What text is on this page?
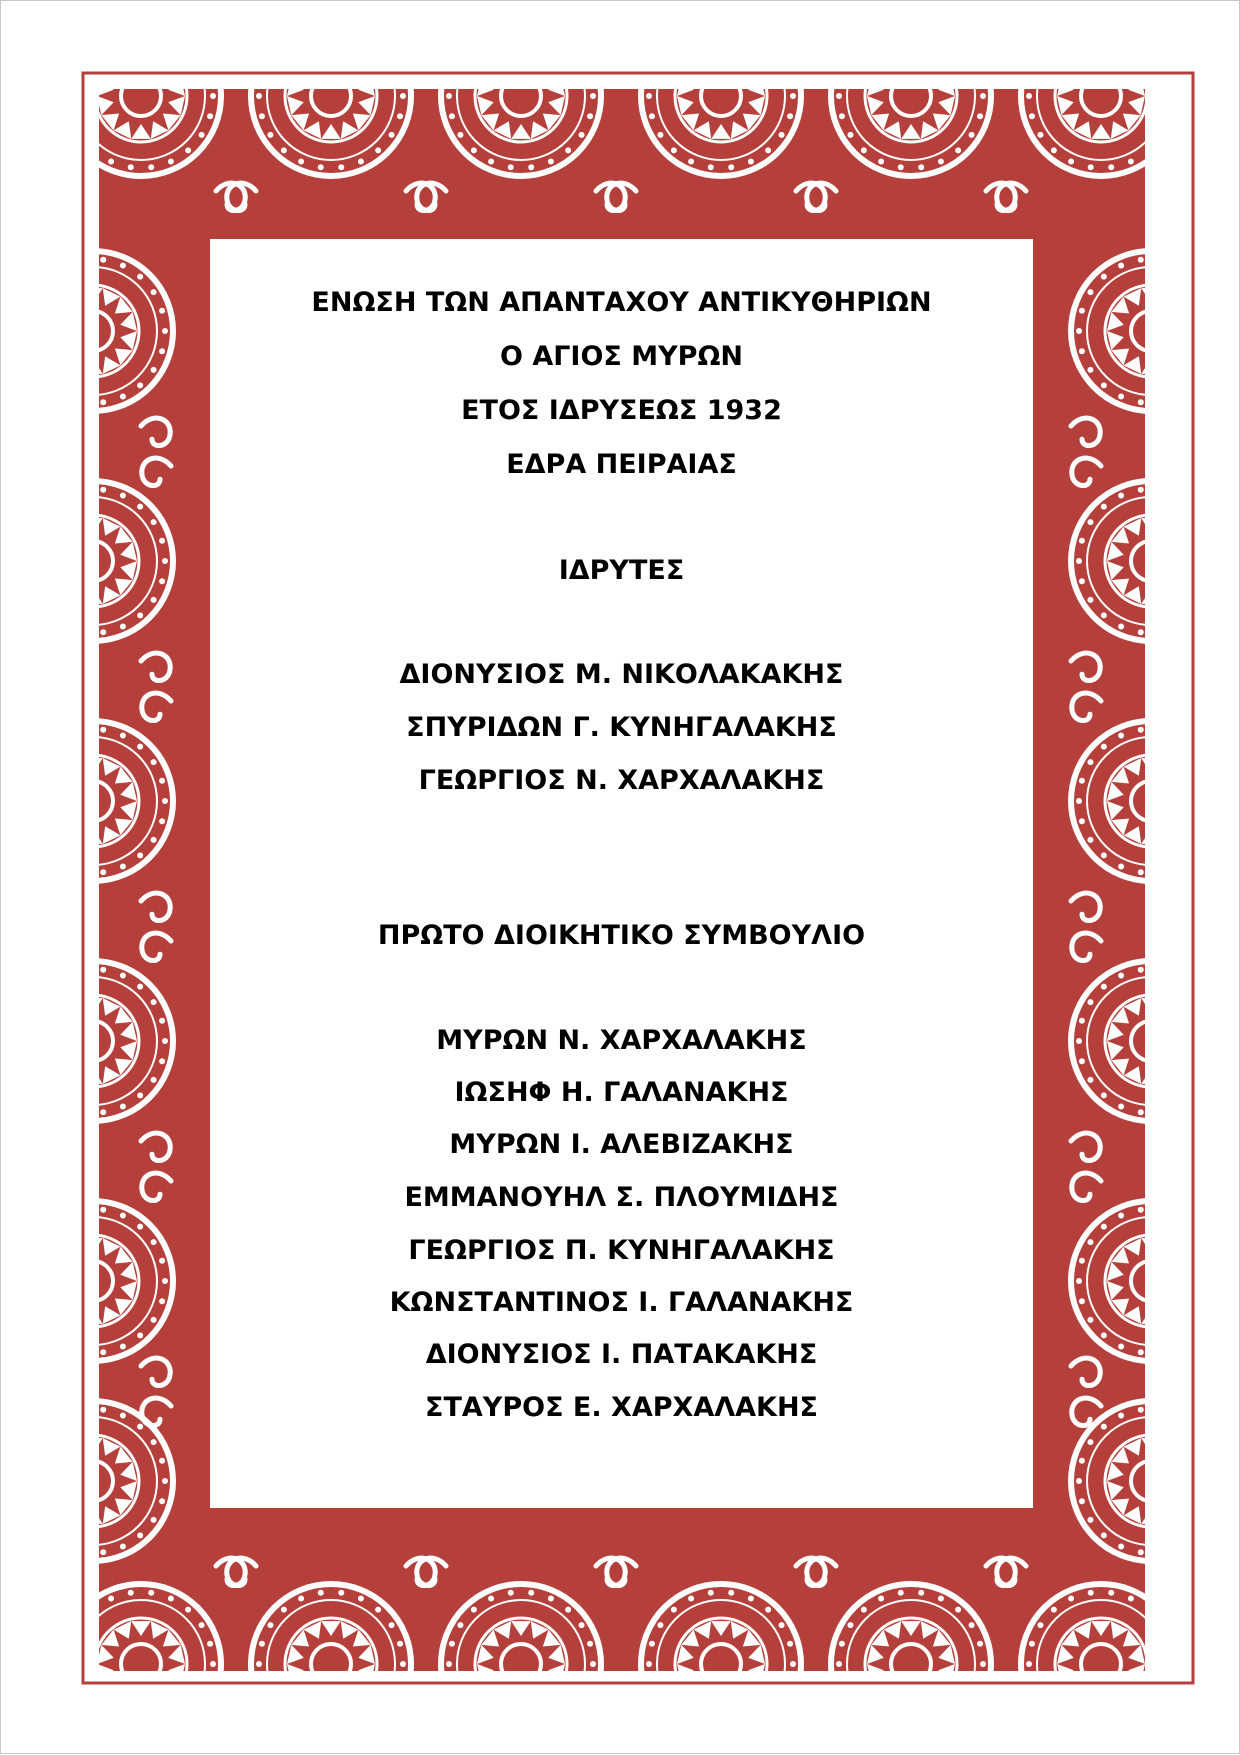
ΕΝΩΣΗ ΤΩΝ ΑΠΑΝΤΑΧΟΥ ΑΝΤΙΚΥΘΗΡΙΩΝ
Ο ΑΓΙΟΣ ΜΥΡΩΝ
ΕΤΟΣ ΙΔΡΥΣΕΩΣ 1932
ΕΔΡΑ ΠΕΙΡΑΙΑΣ
ΙΔΡΥΤΕΣ
ΔΙΟΝΥΣΙΟΣ Μ. ΝΙΚΟΛΑΚΑΚΗΣ
ΣΠΥΡΙΔΩΝ Γ. ΚΥΝΗΓΑΛΑΚΗΣ
ΓΕΩΡΓΙΟΣ Ν. ΧΑΡΧΑΛΑΚΗΣ
ΠΡΩΤΟ ΔΙΟΙΚΗΤΙΚΟ ΣΥΜΒΟΥΛΙΟ
ΜΥΡΩΝ Ν. ΧΑΡΧΑΛΑΚΗΣ
ΙΩΣΗΦ Η. ΓΑΛΑΝΑΚΗΣ
ΜΥΡΩΝ Ι. ΑΛΕΒΙΖΑΚΗΣ
ΕΜΜΑΝΟΥΗΛ Σ. ΠΛΟΥΜΙΔΗΣ
ΓΕΩΡΓΙΟΣ Π. ΚΥΝΗΓΑΛΑΚΗΣ
ΚΩΝΣΤΑΝΤΙΝΟΣ Ι. ΓΑΛΑΝΑΚΗΣ
ΔΙΟΝΥΣΙΟΣ Ι. ΠΑΤΑΚΑΚΗΣ
ΣΤΑΥΡΟΣ Ε. ΧΑΡΧΑΛΑΚΗΣ
